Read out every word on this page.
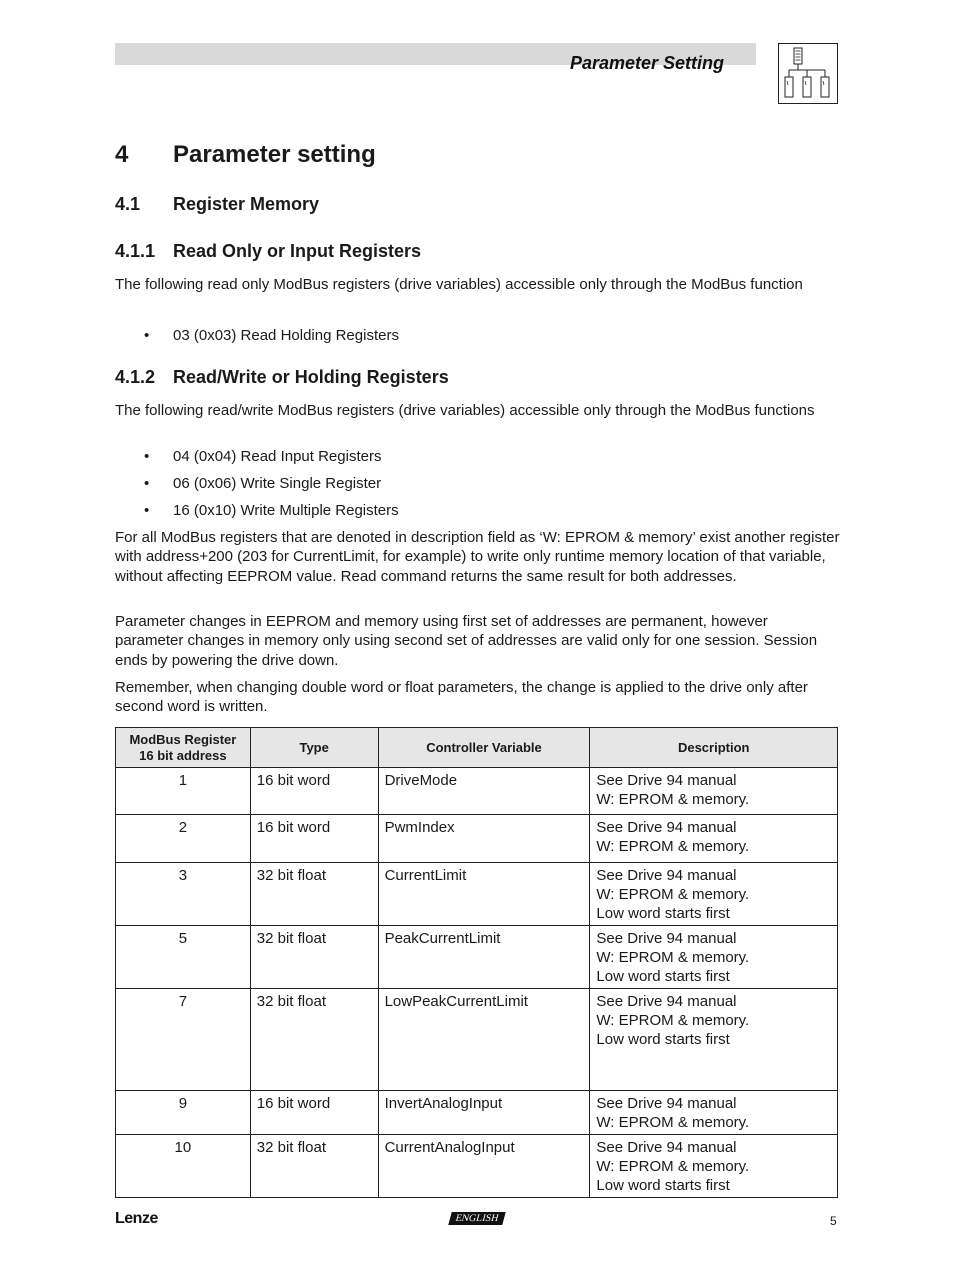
Parameter Setting
4 Parameter setting
4.1 Register Memory
4.1.1 Read Only or Input Registers
The following read only ModBus registers (drive variables) accessible only through the ModBus function
• 03 (0x03) Read Holding Registers
4.1.2 Read/Write or Holding Registers
The following read/write ModBus registers (drive variables) accessible only through the ModBus functions
• 04 (0x04) Read Input Registers
• 06 (0x06) Write Single Register
• 16 (0x10) Write Multiple Registers
For all ModBus registers that are denoted in description field as ‘W: EPROM & memory’ exist another register with address+200 (203 for CurrentLimit, for example) to write only runtime memory location of that variable, without affecting EEPROM value. Read command returns the same result for both addresses.
Parameter changes in EEPROM and memory using first set of addresses are permanent, however parameter changes in memory only using second set of addresses are valid only for one session. Session ends by powering the drive down.
Remember, when changing double word or float parameters, the change is applied to the drive only after second word is written.
ModBus Register
16 bit address	Type	Controller Variable	Description
1	16 bit word	DriveMode	See Drive 94 manual
W: EPROM & memory.

2	16 bit word	PwmIndex	See Drive 94 manual
W: EPROM & memory.

3	32 bit float	CurrentLimit	See Drive 94 manual
W: EPROM & memory.
Low word starts first

5	32 bit float	PeakCurrentLimit	See Drive 94 manual
W: EPROM & memory.
Low word starts first

7	32 bit float	LowPeakCurrentLimit	See Drive 94 manual
W: EPROM & memory.
Low word starts first

9	16 bit word	InvertAnalogInput	See Drive 94 manual
W: EPROM & memory.

10	32 bit float	CurrentAnalogInput	See Drive 94 manual
W: EPROM & memory.
Low word starts first
Lenze	ENGLISH	5
